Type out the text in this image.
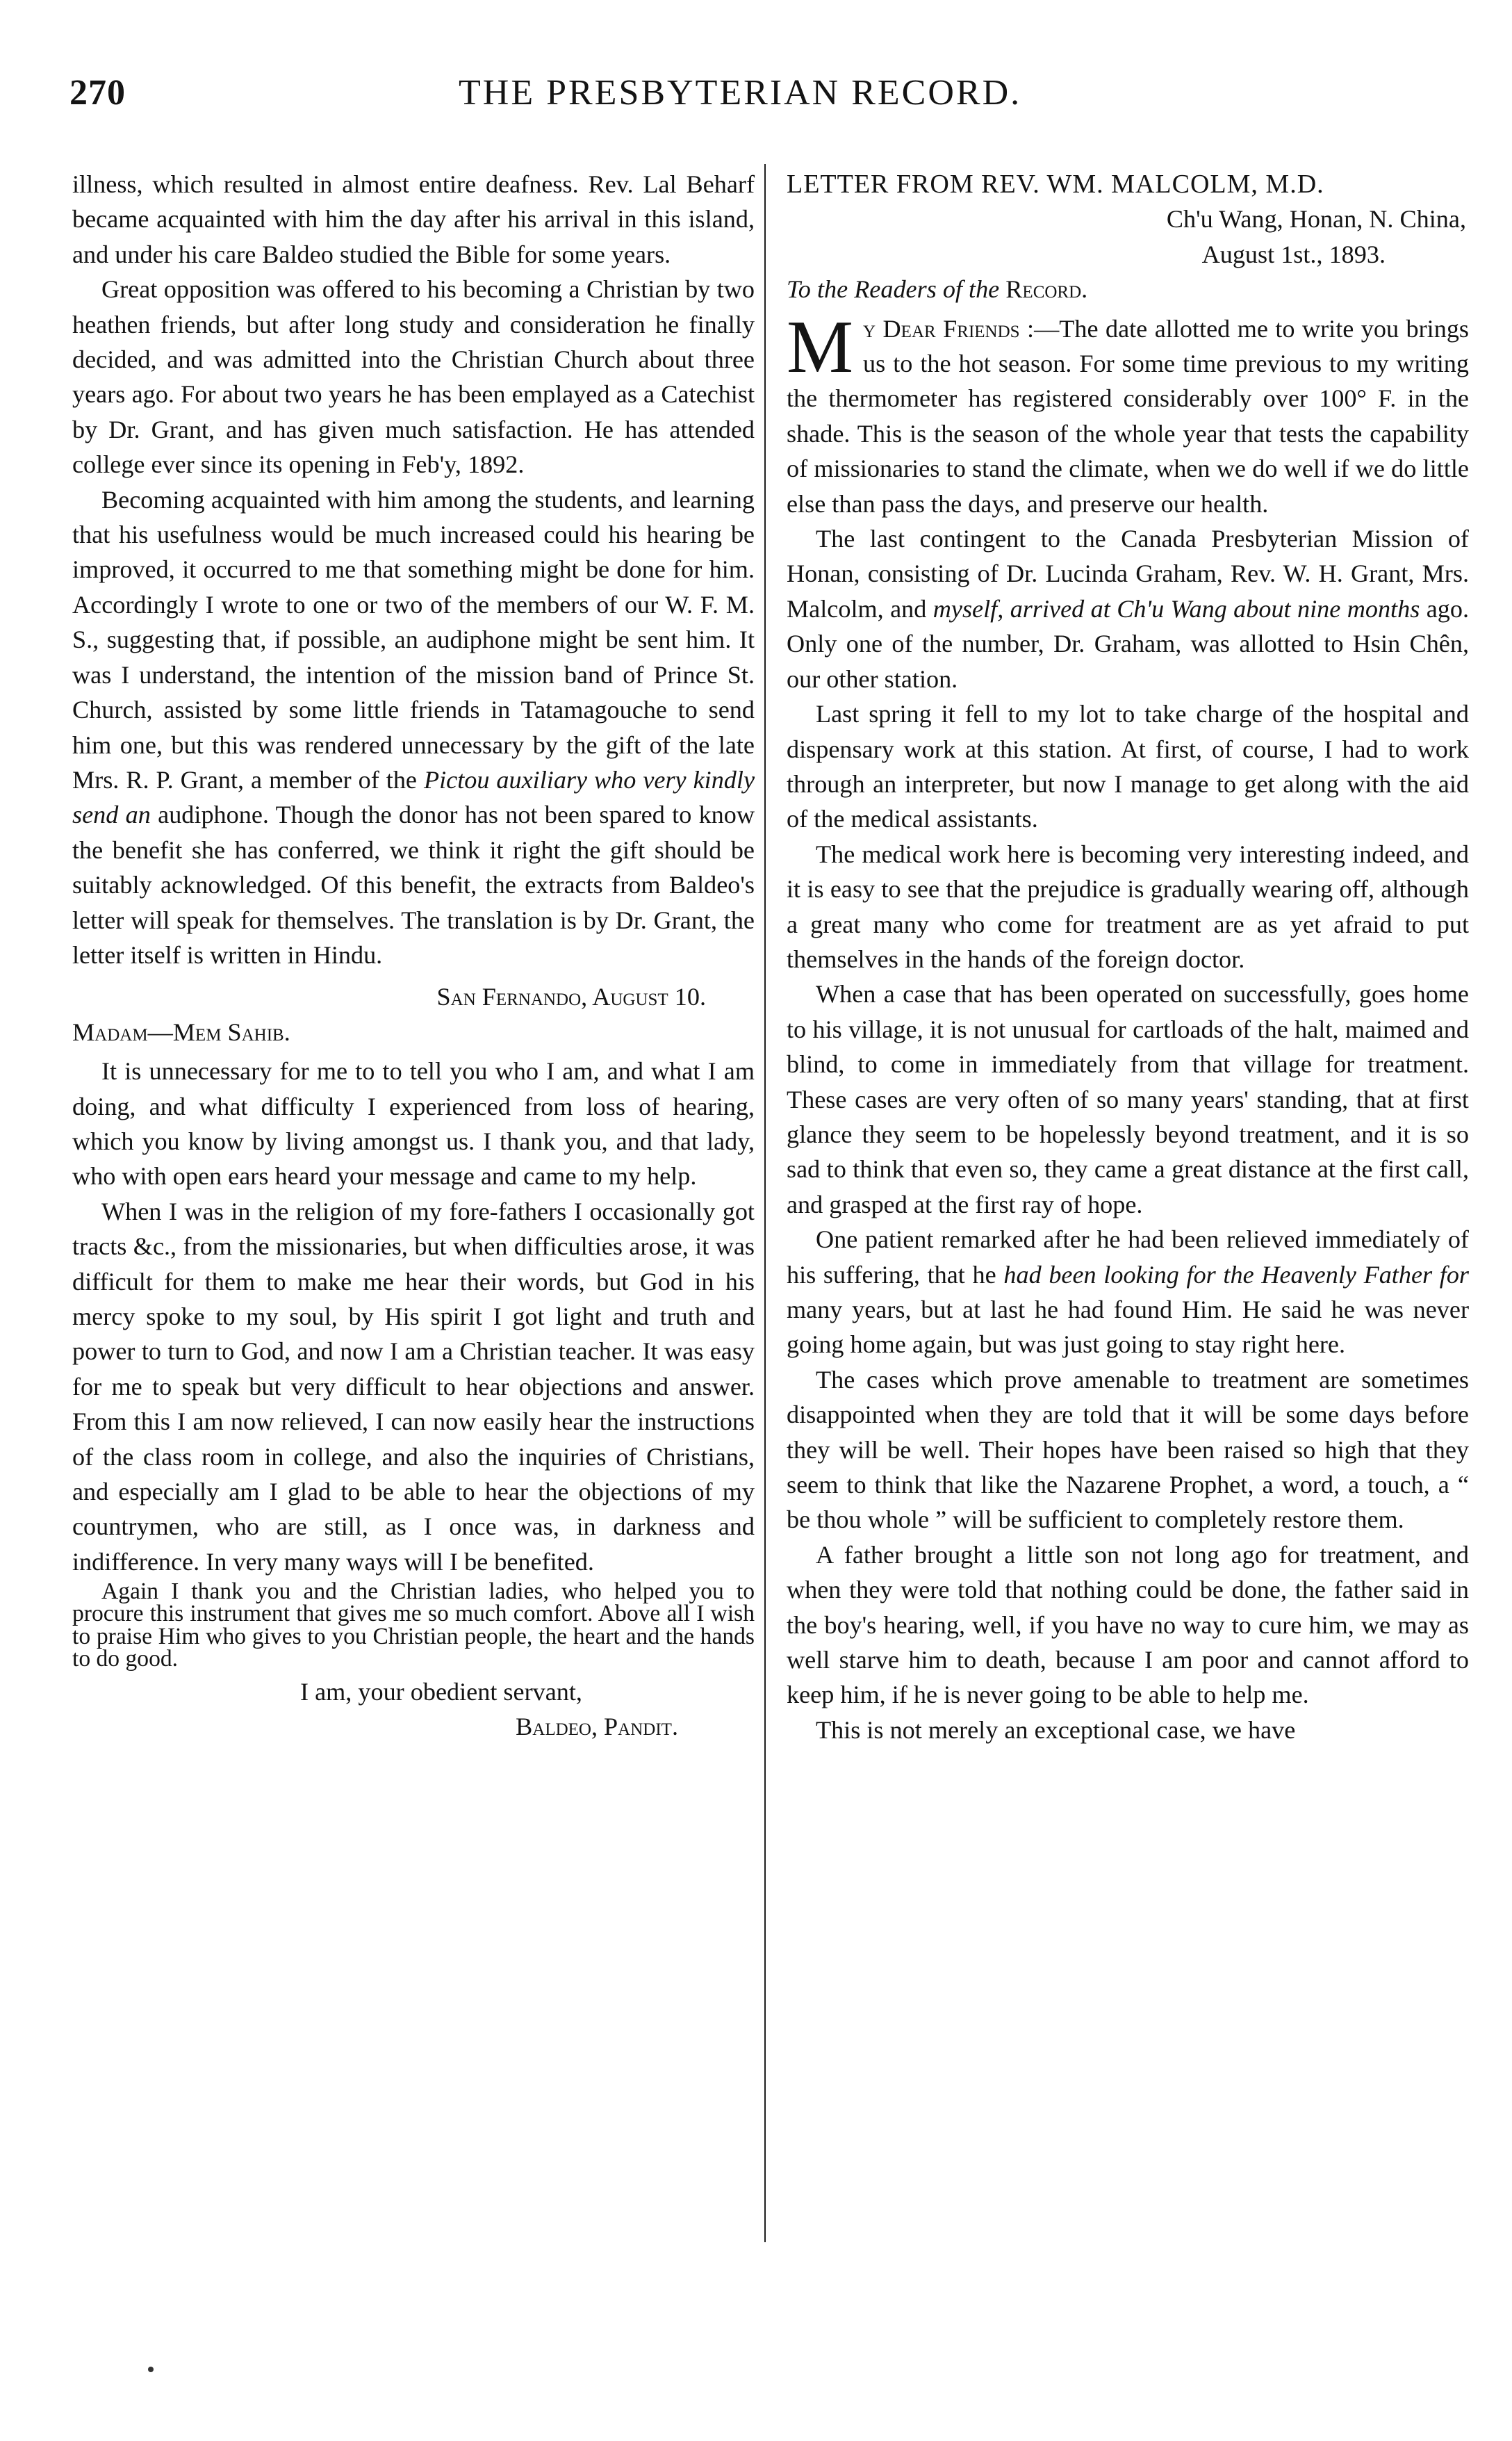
270	THE PRESBYTERIAN RECORD.

illness, which resulted in almost entire deafness. Rev. Lal Beharf became acquainted with him the day after his arrival in this island, and under his care Baldeo studied the Bible for some years.

Great opposition was offered to his becoming a Christian by two heathen friends, but after long study and consideration he finally decided, and was admitted into the Christian Church about three years ago. For about two years he has been emplayed as a Catechist by Dr. Grant, and has given much satisfaction. He has attended college ever since its opening in Feb'y, 1892.

Becoming acquainted with him among the students, and learning that his usefulness would be much increased could his hearing be improved, it occurred to me that something might be done for him. Accordingly I wrote to one or two of the members of our W. F. M. S., suggesting that, if possible, an audiphone might be sent him. It was I understand, the intention of the mission band of Prince St. Church, assisted by some little friends in Tatamagouche to send him one, but this was rendered unnecessary by the gift of the late Mrs. R. P. Grant, a member of the Pictou auxiliary who very kindly send an audiphone. Though the donor has not been spared to know the benefit she has conferred, we think it right the gift should be suitably acknowledged. Of this benefit, the extracts from Baldeo's letter will speak for themselves. The translation is by Dr. Grant, the letter itself is written in Hindu.

San Fernando, August 10.

Madam—Mem Sahib.

It is unnecessary for me to to tell you who I am, and what I am doing, and what difficulty I experienced from loss of hearing, which you know by living amongst us. I thank you, and that lady, who with open ears heard your message and came to my help.

When I was in the religion of my fore-fathers I occasionally got tracts &c., from the missionaries, but when difficulties arose, it was difficult for them to make me hear their words, but God in his mercy spoke to my soul, by His spirit I got light and truth and power to turn to God, and now I am a Christian teacher. It was easy for me to speak but very difficult to hear objections and answer. From this I am now relieved, I can now easily hear the instructions of the class room in college, and also the inquiries of Christians, and especially am I glad to be able to hear the objections of my countrymen, who are still, as I once was, in darkness and indifference. In very many ways will I be benefited.

Again I thank you and the Christian ladies, who helped you to procure this instrument that gives me so much comfort. Above all I wish to praise Him who gives to you Christian people, the heart and the hands to do good.

I am, your obedient servant,

Baldeo, Pandit.

LETTER FROM REV. WM. MALCOLM, M.D.

Ch'u Wang, Honan, N. China,

August 1st., 1893.

To the Readers of the Record.

My Dear Friends :—The date allotted me to write you brings us to the hot season. For some time previous to my writing the thermometer has registered considerably over 100° F. in the shade. This is the season of the whole year that tests the capability of missionaries to stand the climate, when we do well if we do little else than pass the days, and preserve our health.

The last contingent to the Canada Presbyterian Mission of Honan, consisting of Dr. Lucinda Graham, Rev. W. H. Grant, Mrs. Malcolm, and myself, arrived at Ch'u Wang about nine months ago. Only one of the number, Dr. Graham, was allotted to Hsin Chên, our other station.

Last spring it fell to my lot to take charge of the hospital and dispensary work at this station. At first, of course, I had to work through an interpreter, but now I manage to get along with the aid of the medical assistants.

The medical work here is becoming very interesting indeed, and it is easy to see that the prejudice is gradually wearing off, although a great many who come for treatment are as yet afraid to put themselves in the hands of the foreign doctor.

When a case that has been operated on successfully, goes home to his village, it is not unusual for cartloads of the halt, maimed and blind, to come in immediately from that village for treatment. These cases are very often of so many years' standing, that at first glance they seem to be hopelessly beyond treatment, and it is so sad to think that even so, they came a great distance at the first call, and grasped at the first ray of hope.

One patient remarked after he had been relieved immediately of his suffering, that he had been looking for the Heavenly Father for many years, but at last he had found Him. He said he was never going home again, but was just going to stay right here.

The cases which prove amenable to treatment are sometimes disappointed when they are told that it will be some days before they will be well. Their hopes have been raised so high that they seem to think that like the Nazarene Prophet, a word, a touch, a “ be thou whole ” will be sufficient to completely restore them.

A father brought a little son not long ago for treatment, and when they were told that nothing could be done, the father said in the boy's hearing, well, if you have no way to cure him, we may as well starve him to death, because I am poor and cannot afford to keep him, if he is never going to be able to help me.

This is not merely an exceptional case, we have
